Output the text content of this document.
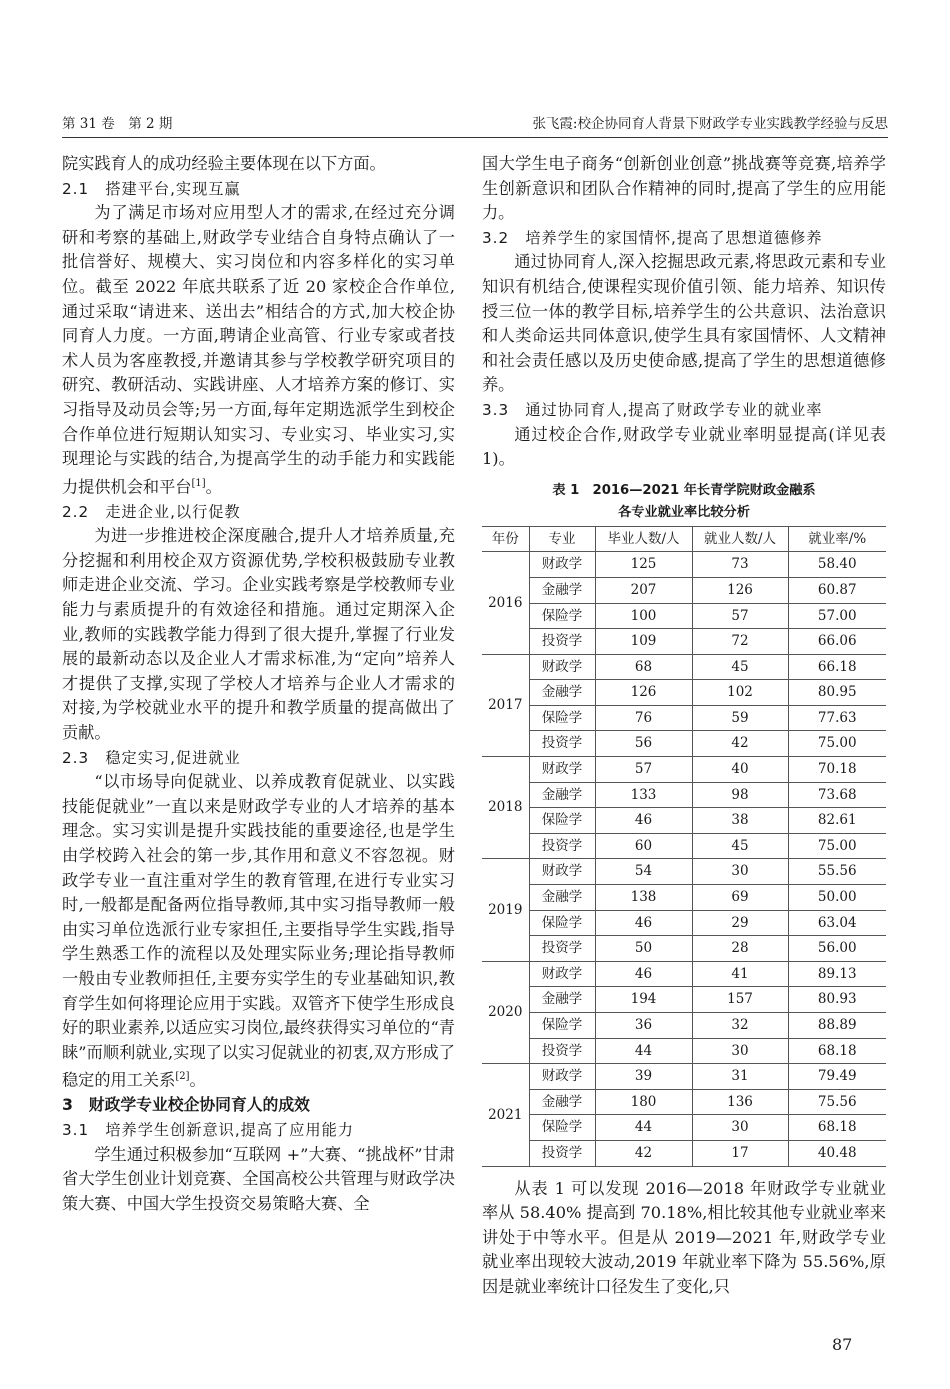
第 31 卷　第 2 期	张飞霞:校企协同育人背景下财政学专业实践教学经验与反思

院实践育人的成功经验主要体现在以下方面。

2.1　搭建平台,实现互赢

为了满足市场对应用型人才的需求,在经过充分调研和考察的基础上,财政学专业结合自身特点确认了一批信誉好、规模大、实习岗位和内容多样化的实习单位。截至 2022 年底共联系了近 20 家校企合作单位,通过采取“请进来、送出去”相结合的方式,加大校企协同育人力度。一方面,聘请企业高管、行业专家或者技术人员为客座教授,并邀请其参与学校教学研究项目的研究、教研活动、实践讲座、人才培养方案的修订、实习指导及动员会等;另一方面,每年定期选派学生到校企合作单位进行短期认知实习、专业实习、毕业实习,实现理论与实践的结合,为提高学生的动手能力和实践能力提供机会和平台[1]。

2.2　走进企业,以行促教

为进一步推进校企深度融合,提升人才培养质量,充分挖掘和利用校企双方资源优势,学校积极鼓励专业教师走进企业交流、学习。企业实践考察是学校教师专业能力与素质提升的有效途径和措施。通过定期深入企业,教师的实践教学能力得到了很大提升,掌握了行业发展的最新动态以及企业人才需求标准,为“定向”培养人才提供了支撑,实现了学校人才培养与企业人才需求的对接,为学校就业水平的提升和教学质量的提高做出了贡献。

2.3　稳定实习,促进就业

“以市场导向促就业、以养成教育促就业、以实践技能促就业”一直以来是财政学专业的人才培养的基本理念。实习实训是提升实践技能的重要途径,也是学生由学校跨入社会的第一步,其作用和意义不容忽视。财政学专业一直注重对学生的教育管理,在进行专业实习时,一般都是配备两位指导教师,其中实习指导教师一般由实习单位选派行业专家担任,主要指导学生实践,指导学生熟悉工作的流程以及处理实际业务;理论指导教师一般由专业教师担任,主要夯实学生的专业基础知识,教育学生如何将理论应用于实践。双管齐下使学生形成良好的职业素养,以适应实习岗位,最终获得实习单位的“青睐”而顺利就业,实现了以实习促就业的初衷,双方形成了稳定的用工关系[2]。

3　财政学专业校企协同育人的成效
3.1　培养学生创新意识,提高了应用能力

学生通过积极参加“互联网 +”大赛、“挑战杯”甘肃省大学生创业计划竞赛、全国高校公共管理与财政学决策大赛、中国大学生投资交易策略大赛、全

国大学生电子商务“创新创业创意”挑战赛等竞赛,培养学生创新意识和团队合作精神的同时,提高了学生的应用能力。

3.2　培养学生的家国情怀,提高了思想道德修养

通过协同育人,深入挖掘思政元素,将思政元素和专业知识有机结合,使课程实现价值引领、能力培养、知识传授三位一体的教学目标,培养学生的公共意识、法治意识和人类命运共同体意识,使学生具有家国情怀、人文精神和社会责任感以及历史使命感,提高了学生的思想道德修养。

3.3　通过协同育人,提高了财政学专业的就业率

通过校企合作,财政学专业就业率明显提高(详见表 1)。

表 1　2016—2021 年长青学院财政金融系
各专业就业率比较分析
年份	专业	毕业人数/人	就业人数/人	就业率/%
2016	财政学	125	73	58.40
	金融学	207	126	60.87
	保险学	100	57	57.00
	投资学	109	72	66.06
2017	财政学	68	45	66.18
	金融学	126	102	80.95
	保险学	76	59	77.63
	投资学	56	42	75.00
2018	财政学	57	40	70.18
	金融学	133	98	73.68
	保险学	46	38	82.61
	投资学	60	45	75.00
2019	财政学	54	30	55.56
	金融学	138	69	50.00
	保险学	46	29	63.04
	投资学	50	28	56.00
2020	财政学	46	41	89.13
	金融学	194	157	80.93
	保险学	36	32	88.89
	投资学	44	30	68.18
2021	财政学	39	31	79.49
	金融学	180	136	75.56
	保险学	44	30	68.18
	投资学	42	17	40.48

从表 1 可以发现 2016—2018 年财政学专业就业率从 58.40% 提高到 70.18%,相比较其他专业就业率来讲处于中等水平。但是从 2019—2021 年,财政学专业就业率出现较大波动,2019 年就业率下降为 55.56%,原因是就业率统计口径发生了变化,只

87
